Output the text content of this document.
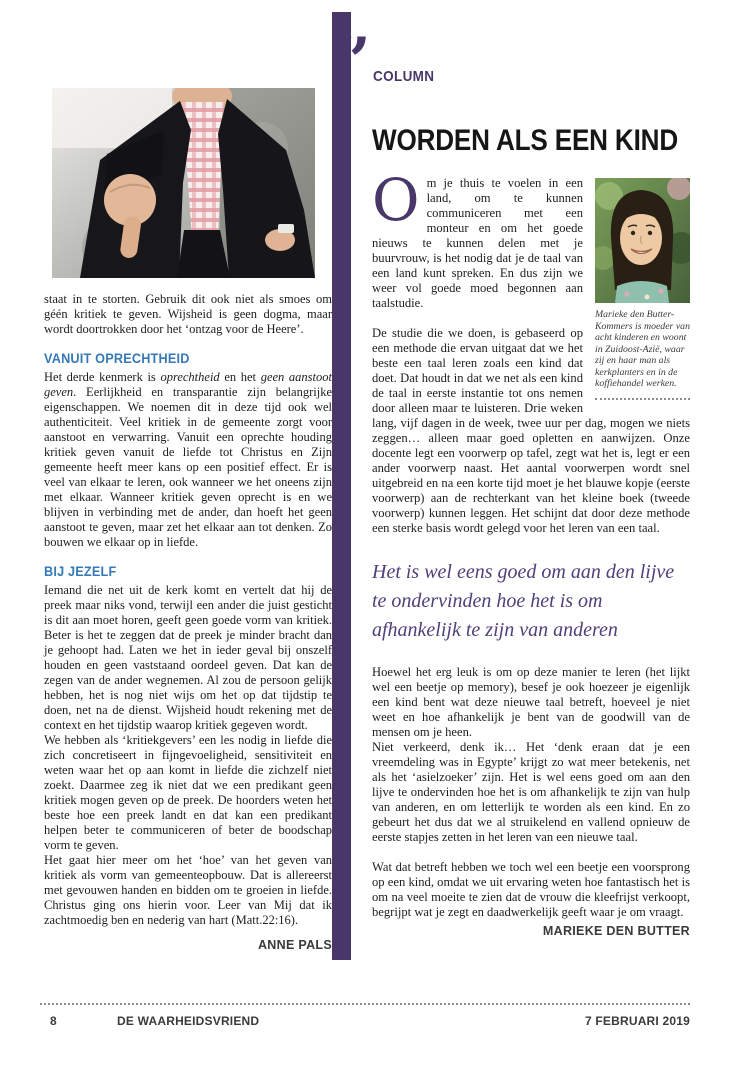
staat in te storten. Gebruik dit ook niet als smoes om géén kritiek te geven. Wijsheid is geen dogma, maar wordt doortrokken door het ‘ontzag voor de Heere’.

VANUIT OPRECHTHEID

Het derde kenmerk is oprechtheid en het geen aanstoot geven. Eerlijkheid en transparantie zijn belangrijke eigenschappen. We noemen dit in deze tijd ook wel authenticiteit. Veel kritiek in de gemeente zorgt voor aanstoot en verwarring. Vanuit een oprechte houding kritiek geven vanuit de liefde tot Christus en Zijn gemeente heeft meer kans op een positief effect. Er is veel van elkaar te leren, ook wanneer we het oneens zijn met elkaar. Wanneer kritiek geven oprecht is en we blijven in verbinding met de ander, dan hoeft het geen aanstoot te geven, maar zet het elkaar aan tot denken. Zo bouwen we elkaar op in liefde.

BIJ JEZELF

Iemand die net uit de kerk komt en vertelt dat hij de preek maar niks vond, terwijl een ander die juist gesticht is dit aan moet horen, geeft geen goede vorm van kritiek. Beter is het te zeggen dat de preek je minder bracht dan je gehoopt had. Laten we het in ieder geval bij onszelf houden en geen vaststaand oordeel geven. Dat kan de zegen van de ander wegnemen. Al zou de persoon gelijk hebben, het is nog niet wijs om het op dat tijdstip te doen, net na de dienst. Wijsheid houdt rekening met de context en het tijdstip waarop kritiek gegeven wordt.

We hebben als ‘kritiekgevers’ een les nodig in liefde die zich concretiseert in fijngevoeligheid, sensitiviteit en weten waar het op aan komt in liefde die zichzelf niet zoekt. Daarmee zeg ik niet dat we een predikant geen kritiek mogen geven op de preek. De hoorders weten het beste hoe een preek landt en dat kan een predikant helpen beter te communiceren of beter de boodschap vorm te geven.

Het gaat hier meer om het ‘hoe’ van het geven van kritiek als vorm van gemeenteopbouw. Dat is allereerst met gevouwen handen en bidden om te groeien in liefde. Christus ging ons hierin voor. Leer van Mij dat ik zachtmoedig ben en nederig van hart (Matt.22:16).

ANNE PALS
” COLUMN
WORDEN ALS EEN KIND
Marieke den Butter-Kommers is moeder van acht kinderen en woont in Zuidoost-Azië, waar zij en haar man als kerkplanters en in de koffiehandel werken.

Om je thuis te voelen in een land, om te kunnen communiceren met een monteur en om het goede nieuws te kunnen delen met je buurvrouw, is het nodig dat je de taal van een land kunt spreken. En dus zijn we weer vol goede moed begonnen aan taalstudie.

De studie die we doen, is gebaseerd op een methode die ervan uitgaat dat we het beste een taal leren zoals een kind dat doet. Dat houdt in dat we net als een kind de taal in eerste instantie tot ons nemen door alleen maar te luisteren. Drie weken lang, vijf dagen in de week, twee uur per dag, mogen we niets zeggen… alleen maar goed opletten en aanwijzen. Onze docente legt een voorwerp op tafel, zegt wat het is, legt er een ander voorwerp naast. Het aantal voorwerpen wordt snel uitgebreid en na een korte tijd moet je het blauwe kopje (eerste voorwerp) aan de rechterkant van het kleine boek (tweede voorwerp) kunnen leggen. Het schijnt dat door deze methode een sterke basis wordt gelegd voor het leren van een taal.

Het is wel eens goed om aan den lijve te ondervinden hoe het is om afhankelijk te zijn van anderen

Hoewel het erg leuk is om op deze manier te leren (het lijkt wel een beetje op memory), besef je ook hoezeer je eigenlijk een kind bent wat deze nieuwe taal betreft, hoeveel je niet weet en hoe afhankelijk je bent van de goodwill van de mensen om je heen.

Niet verkeerd, denk ik… Het ‘denk eraan dat je een vreemdeling was in Egypte’ krijgt zo wat meer betekenis, net als het ‘asielzoeker’ zijn. Het is wel eens goed om aan den lijve te ondervinden hoe het is om afhankelijk te zijn van hulp van anderen, en om letterlijk te worden als een kind. En zo gebeurt het dus dat we al struikelend en vallend opnieuw de eerste stapjes zetten in het leren van een nieuwe taal.

Wat dat betreft hebben we toch wel een beetje een voorsprong op een kind, omdat we uit ervaring weten hoe fantastisch het is om na veel moeite te zien dat de vrouw die kleefrijst verkoopt, begrijpt wat je zegt en daadwerkelijk geeft waar je om vraagt.

MARIEKE DEN BUTTER
8	DE WAARHEIDSVRIEND	7 FEBRUARI 2019
